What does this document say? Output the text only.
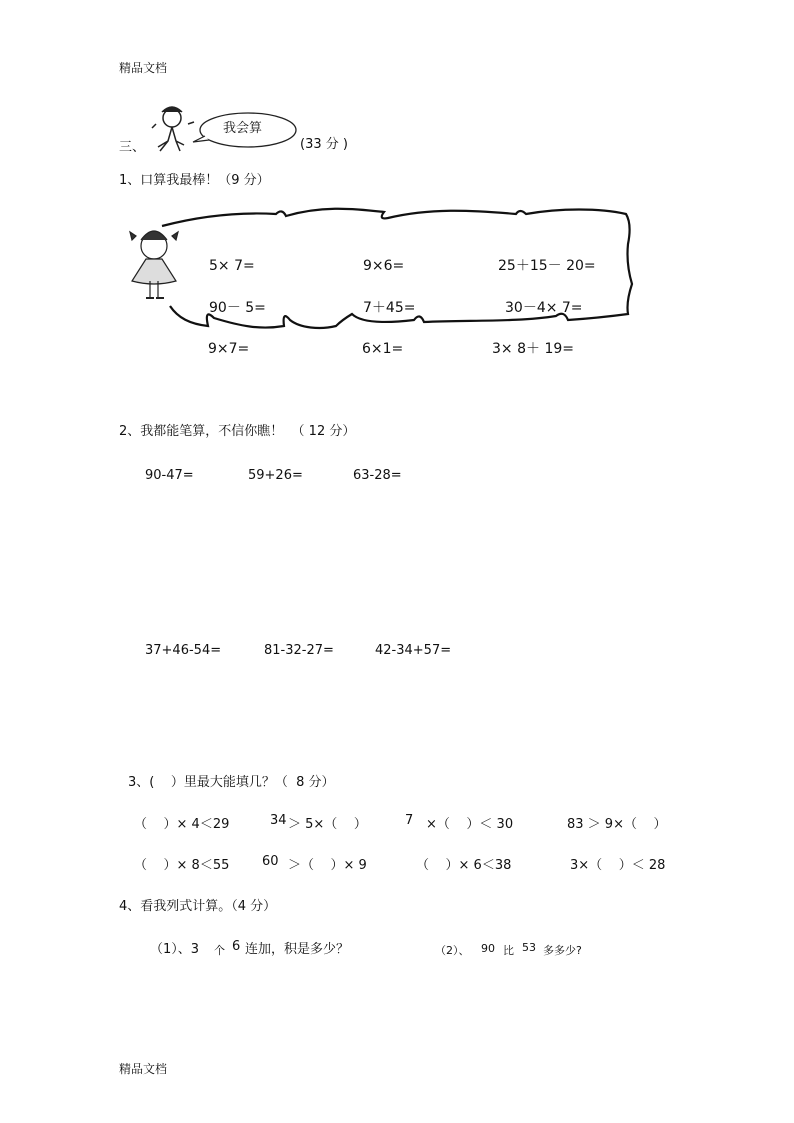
精品文档
三、
我会算
(33 分 )
1、口算我最棒！（9 分）
5× 7=	9×6=	25＋15－ 20=
90－ 5=	7＋45=	30－4× 7=
9×7=	6×1=	3× 8＋ 19=
2、我都能笔算，不信你瞧！  （ 12 分）
90-47=	59+26=	63-28=
37+46-54=	81-32-27=	42-34+57=
3、(    ）里最大能填几？（  8 分）
（    ）× 4＜29	34 ＞ 5×（    ）	7 ×（    ）＜ 30	83 ＞ 9×（    ）
（    ）× 8＜55	60 ＞（    ）× 9	（    ）× 6＜38	3×（    ）＜ 28
4、看我列式计算。（4 分）
（1）、3 个 6 连加，积是多少？	（2）、 90 比 53 多多少?
精品文档
